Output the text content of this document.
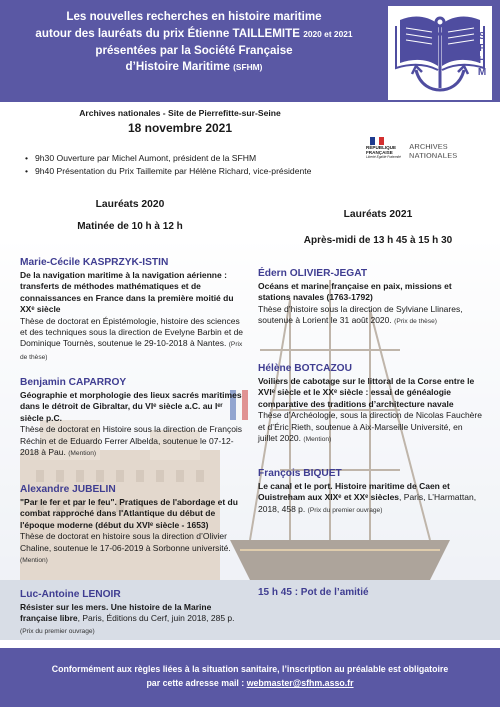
Les nouvelles recherches en histoire maritime
autour des lauréats du prix Étienne TAILLEMITE 2020 et 2021
présentées par la Société Française
d’Histoire Maritime (SFHM)
S
F
H
M
Archives nationales - Site de Pierrefitte-sur-Seine
18 novembre 2021
RÉPUBLIQUE
FRANÇAISE
Liberté Égalité Fraternité
ARCHIVES
NATIONALES
• 9h30 Ouverture par Michel Aumont, président de la SFHM
• 9h40 Présentation du Prix Taillemite par Hélène Richard, vice-présidente
Lauréats 2020
Matinée de 10 h à 12 h
Lauréats 2021
Après-midi de 13 h 45 à 15 h 30
Marie-Cécile KASPRZYK-ISTIN
De la navigation maritime à la navigation aérienne : transferts de méthodes mathématiques et de connaissances en France dans la première moitié du XXᵉ siècle
Thèse de doctorat en Épistémologie, histoire des sciences et des techniques sous la direction de Evelyne Barbin et de Dominique Tournès, soutenue le 29-10-2018 à Nantes. (Prix de thèse)
Benjamin CAPARROY
Géographie et morphologie des lieux sacrés maritimes dans le détroit de Gibraltar, du VIᵉ siècle a.C. au Iᵉʳ siècle p.C.
Thèse de doctorat en Histoire sous la direction de François Réchin et de Eduardo Ferrer Albelda, soutenue le 07-12-2018 à Pau. (Mention)
Alexandre JUBELIN
"Par le fer et par le feu". Pratiques de l'abordage et du combat rapproché dans l'Atlantique du début de l'époque moderne (début du XVIᵉ siècle - 1653)
Thèse de doctorat en histoire sous la direction d’Olivier Chaline, soutenue le 17-06-2019 à Sorbonne université. (Mention)
Luc-Antoine LENOIR
Résister sur les mers. Une histoire de la Marine française libre, Paris, Éditions du Cerf, juin 2018, 285 p. (Prix du premier ouvrage)
Édern OLIVIER-JEGAT
Océans et marine française en paix, missions et stations navales (1763-1792)
Thèse d’histoire sous la direction de Sylviane Llinares, soutenue à Lorient le 31 août 2020. (Prix de thèse)
Hélène BOTCAZOU
Voiliers de cabotage sur le littoral de la Corse entre le XVIᵉ siècle et le XXᵉ siècle : essai de généalogie comparative des traditions d’architecture navale
Thèse d’Archéologie, sous la direction de Nicolas Fauchère et d’Éric Rieth, soutenue à Aix-Marseille Université, en juillet 2020. (Mention)
François BIQUET
Le canal et le port. Histoire maritime de Caen et Ouistreham aux XIXᵉ et XXᵉ siècles, Paris, L’Harmattan, 2018, 458 p. (Prix du premier ouvrage)
15 h 45 : Pot de l’amitié
Conformément aux règles liées à la situation sanitaire, l’inscription au préalable est obligatoire
par cette adresse mail : webmaster@sfhm.asso.fr
